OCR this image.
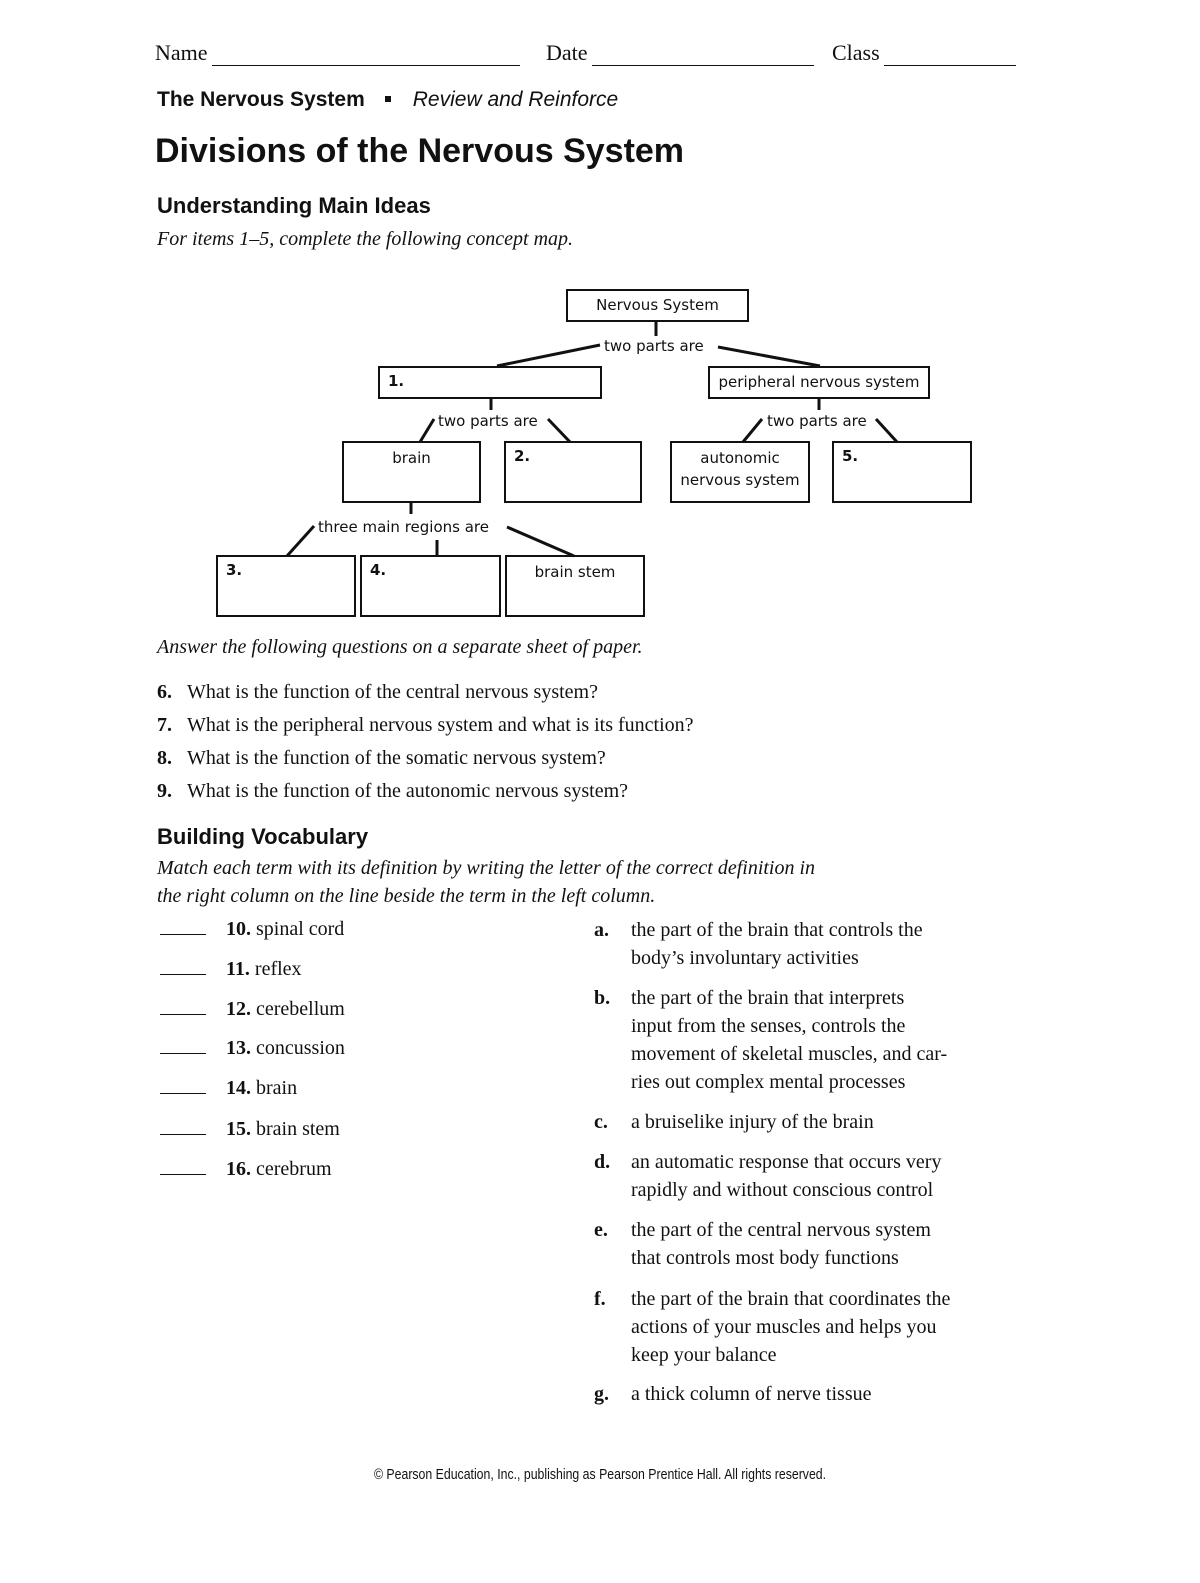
Name	Date	Class
The Nervous System Review and Reinforce
Divisions of the Nervous System
Understanding Main Ideas
For items 1–5, complete the following concept map.
Nervous System
two parts are
1.	peripheral nervous system
two parts are	two parts are
brain	2.	autonomic
nervous system
5.
three main regions are
3.	4.	brain stem
Answer the following questions on a separate sheet of paper.
6. What is the function of the central nervous system?
7. What is the peripheral nervous system and what is its function?
8. What is the function of the somatic nervous system?
9. What is the function of the autonomic nervous system?
Building Vocabulary
Match each term with its definition by writing the letter of the correct definition in
the right column on the line beside the term in the left column.
10. spinal cord
11. reflex
12. cerebellum
13. concussion
14. brain
15. brain stem
16. cerebrum
a. the part of the brain that controls the
body’s involuntary activities
b. the part of the brain that interprets
input from the senses, controls the
movement of skeletal muscles, and car-
ries out complex mental processes
c. a bruiselike injury of the brain
d. an automatic response that occurs very
rapidly and without conscious control
e. the part of the central nervous system
that controls most body functions
f. the part of the brain that coordinates the
actions of your muscles and helps you
keep your balance
g. a thick column of nerve tissue
© Pearson Education, Inc., publishing as Pearson Prentice Hall. All rights reserved.
